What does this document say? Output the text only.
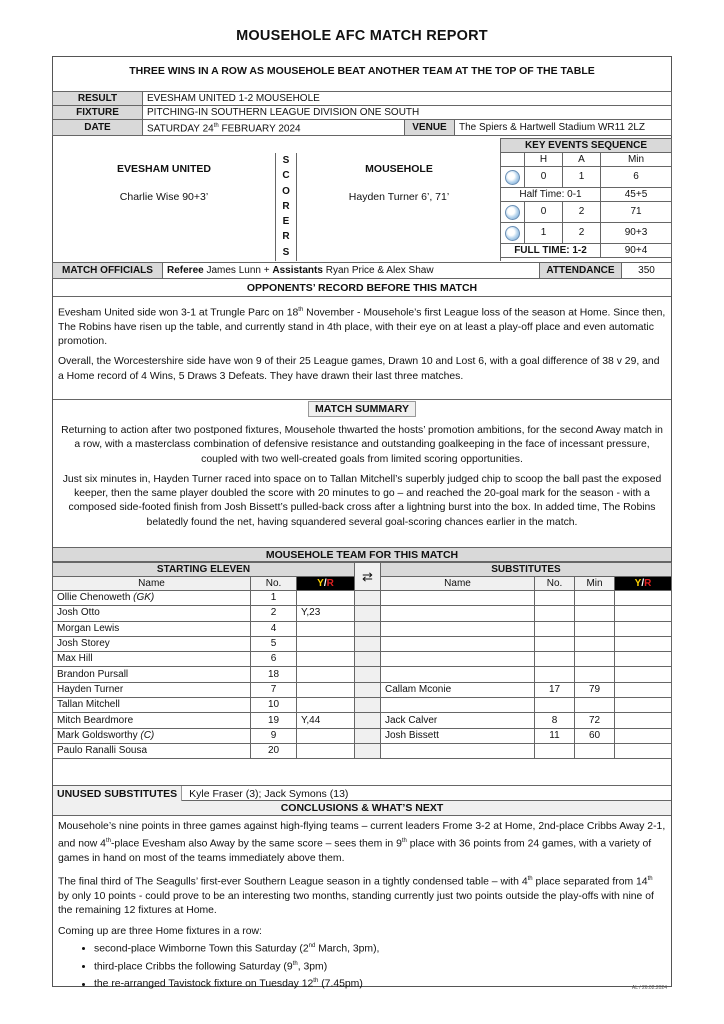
MOUSEHOLE AFC MATCH REPORT
THREE WINS IN A ROW AS MOUSEHOLE BEAT ANOTHER TEAM AT THE TOP OF THE TABLE
RESULT	EVESHAM UNITED 1-2 MOUSEHOLE		
FIXTURE	PITCHING-IN SOUTHERN LEAGUE DIVISION ONE SOUTH		
DATE	SATURDAY 24th FEBRUARY 2024	VENUE	The Spiers & Hartwell Stadium WR11 2LZ
EVESHAM UNITED
Charlie Wise 90+3’
S
C
O
R
E
R
S
MOUSEHOLE
Hayden Turner 6’, 71’
KEY EVENTS SEQUENCE			
	H	A	Min
	0	1	6
Half Time: 0-1			45+5
	0	2	71
	1	2	90+3
FULL TIME: 1-2			90+4
MATCH OFFICIALS	Referee James Lunn + Assistants Ryan Price & Alex Shaw	ATTENDANCE	350
OPPONENTS’ RECORD BEFORE THIS MATCH

Evesham United side won 3-1 at Trungle Parc on 18th November - Mousehole’s first League loss of the season at Home. Since then, The Robins have risen up the table, and currently stand in 4th place, with their eye on at least a play-off place and even automatic promotion.

Overall, the Worcestershire side have won 9 of their 25 League games, Drawn 10 and Lost 6, with a goal difference of 38 v 29, and a Home record of 4 Wins, 5 Draws 3 Defeats. They have drawn their last three matches.

MATCH SUMMARY

Returning to action after two postponed fixtures, Mousehole thwarted the hosts’ promotion ambitions, for the second Away match in a row, with a masterclass combination of defensive resistance and outstanding goalkeeping in the face of incessant pressure, coupled with two well-created goals from limited scoring opportunities.

Just six minutes in, Hayden Turner raced into space on to Tallan Mitchell’s superbly judged chip to scoop the ball past the exposed keeper, then the same player doubled the score with 20 minutes to go – and reached the 20-goal mark for the season - with a composed side-footed finish from Josh Bissett’s pulled-back cross after a lightning burst into the box. In added time, The Robins belatedly found the net, having squandered several goal-scoring chances earlier in the match.

MOUSEHOLE TEAM FOR THIS MATCH
STARTING ELEVEN			⇄	SUBSTITUTES			
Name	No.	Y/R		Name	No.	Min	Y/R
Ollie Chenoweth (GK)	1						
Josh Otto	2	Y,23					
Morgan Lewis	4						
Josh Storey	5						
Max Hill	6						
Brandon Pursall	18						
Hayden Turner	7			Callam Mconie	17	79	
Tallan Mitchell	10						
Mitch Beardmore	19	Y,44		Jack Calver	8	72	
Mark Goldsworthy (C)	9			Josh Bissett	11	60	
Paulo Ranalli Sousa	20						
UNUSED SUBSTITUTES Kyle Fraser (3); Jack Symons (13)
CONCLUSIONS & WHAT’S NEXT

Mousehole’s nine points in three games against high-flying teams – current leaders Frome 3-2 at Home, 2nd-place Cribbs Away 2-1, and now 4th-place Evesham also Away by the same score – sees them in 9th place with 36 points from 24 games, with a variety of games in hand on most of the teams immediately above them.

The final third of The Seagulls’ first-ever Southern League season in a tightly condensed table – with 4th place separated from 14th by only 10 points - could prove to be an interesting two months, standing currently just two points outside the play-offs with nine of the remaining 12 fixtures at Home.

Coming up are three Home fixtures in a row:

• second-place Wimborne Town this Saturday (2nd March, 3pm),
• third-place Cribbs the following Saturday (9th, 3pm)
• the re-arranged Tavistock fixture on Tuesday 12th (7.45pm)	AL / 26.02.2024
